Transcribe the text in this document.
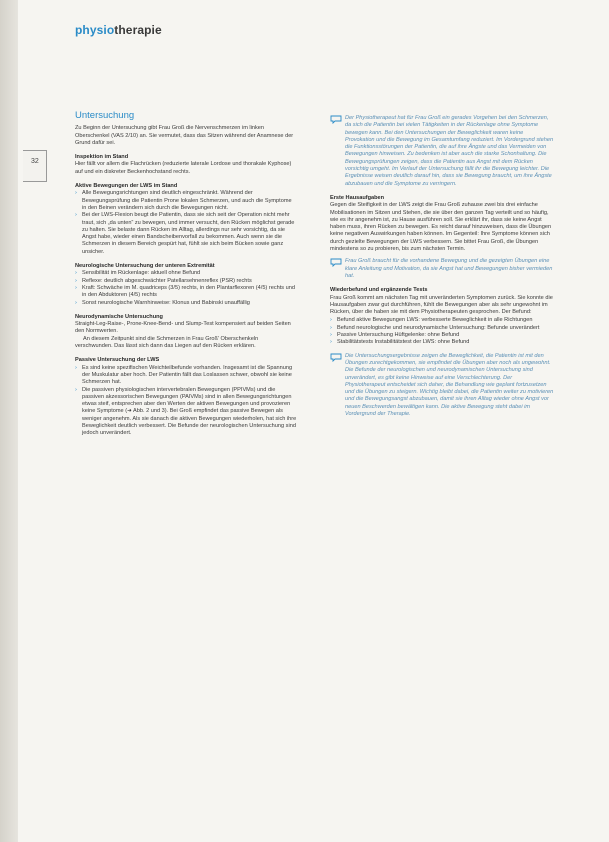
physiotherapie
32
Untersuchung
Zu Beginn der Untersuchung gibt Frau Groß die Nervenschmerzen im linken Oberschenkel (VAS 2/10) an. Sie vermutet, dass das Sitzen während der Anamnese der Grund dafür sei.
Inspektion im Stand
Hier fällt vor allem die Flachrücken (reduzierte laterale Lordose und thorakale Kyphose) auf und ein diskreter Beckenhochstand rechts.
Aktive Bewegungen der LWS im Stand
› Alle Bewegungsrichtungen sind deutlich eingeschränkt. Während der Bewegungsprüfung die Patientin Prone lokalen Schmerzen, und auch die Symptome in den Beinen verändern sich durch die Bewegungen nicht.
› Bei der LWS-Flexion beugt die Patientin, dass sie sich seit der Operation nicht mehr traut, sich „da unten“ zu bewegen, und immer versucht, den Rücken möglichst gerade zu halten. Sie belaste dann Rücken im Alltag, allerdings nur sehr vorsichtig, da sie Angst habe, wieder einen Bandscheibenvorfall zu bekommen. Auch wenn sie die Schmerzen in diesem Bereich gespürt hat, fühlt sie sich beim Bücken sowie ganz unsicher.
Neurologische Untersuchung der unteren Extremität
› Sensibilität im Rückenlage: aktuell ohne Befund
› Reflexe: deutlich abgeschwächter Patellarsehnenreflex (PSR) rechts
› Kraft: Schwäche im M. quadriceps (3/5) rechts, in den Plantarflexoren (4/5) rechts und in den Abduktoren (4/5) rechts
› Sonst neurologische Warnhinweise: Klonus und Babinski unauffällig
Neurodynamische Untersuchung
Straight-Leg-Raise-, Prone-Knee-Bend- und Slump-Test kompensiert auf beiden Seiten den Normwerten.
An diesem Zeitpunkt sind die Schmerzen in Frau Groß' Oberschenkeln verschwunden. Das lässt sich dann das Liegen auf den Rücken erklären.
Passive Untersuchung der LWS
› Es sind keine spezifischen Weichteilbefunde vorhanden. Insgesamt ist die Spannung der Muskulatur aber hoch. Der Patientin fällt das Loslassen schwer, obwohl sie keine Schmerzen hat.
› Die passiven physiologischen intervertebralen Bewegungen (PPIVMs) und die passiven akzessorischen Bewegungen (PAIVMs) sind in allen Bewegungsrichtungen etwas steif, entsprechen aber den Werten der aktiven Bewegungen und provozieren keine Symptome (➜ Abb. 2 und 3). Bei Groß empfindet das passive Bewegen als weniger angenehm. Als sie danach die aktiven Bewegungen wiederholen, hat sich ihre Beweglichkeit deutlich verbessert. Die Befunde der neurologischen Untersuchung sind jedoch unverändert.
Der Physiotherapeut hat für Frau Groß ein gerades Vorgehen bei den Schmerzen, da sich die Patientin bei vielen Tätigkeiten in der Rückenlage ohne Symptome bewegen kann. Bei den Untersuchungen der Beweglichkeit waren keine Provokation und die Bewegung im Gesamtumfang reduziert. Im Vordergrund stehen die Funktionsstörungen der Patientin, die auf ihre Ängste und das Vermeiden von Bewegungen hinweisen. Zu bedenken ist aber auch die starke Schonhaltung. Die Bewegungsprüfungen zeigen, dass die Patientin aus Angst mit dem Rücken vorsichtig umgeht. Im Verlauf der Untersuchung fällt ihr die Bewegung leichter. Die Ergebnisse weisen deutlich darauf hin, dass sie Bewegung braucht, um ihre Ängste abzubauen und die Symptome zu verringern.
Erste Hausaufgaben
Gegen die Steifigkeit in der LWS zeigt die Frau Groß zuhause zwei bis drei einfache Mobilisationen im Sitzen und Stehen, die sie über den ganzen Tag verteilt und so häufig, wie es ihr angenehm ist, zu Hause ausführen soll. Sie erklärt ihr, dass sie keine Angst haben muss, ihren Rücken zu bewegen. Es reicht darauf hinzuweisen, dass die Übungen keine negativen Auswirkungen haben können. Im Gegenteil: Ihre Symptome können sich durch gezielte Bewegungen der LWS verbessern. Sie bittet Frau Groß, die Übungen mindestens so zu probieren, bis zum nächsten Termin.
Frau Groß braucht für die vorhandene Bewegung und die gezeigten Übungen eine klare Anleitung und Motivation, da sie Angst hat und Bewegungen bisher vermieden hat.
Wiederbefund und ergänzende Tests
Frau Groß kommt am nächsten Tag mit unveränderten Symptomen zurück. Sie konnte die Hausaufgaben zwar gut durchführen, fühlt die Bewegungen aber als sehr ungewohnt im Rücken, über die haben sie mit dem Physiotherapeuten gesprochen. Der Befund:
› Befund aktive Bewegungen LWS: verbesserte Beweglichkeit in alle Richtungen
› Befund neurologische und neurodynamische Untersuchung: Befunde unverändert
› Passive Untersuchung Hüftgelenke: ohne Befund
› Stabilitätstests Instabilitätstest der LWS: ohne Befund
Die Untersuchungsergebnisse zeigen die Beweglichkeit, die Patientin ist mit den Übungen zurechtgekommen, sie empfindet die Übungen aber noch als ungewohnt. Die Befunde der neurologischen und neurodynamischen Untersuchung sind unverändert, es gibt keine Hinweise auf eine Verschlechterung. Der Physiotherapeut entscheidet sich daher, die Behandlung wie geplant fortzusetzen und die Übungen zu steigern. Wichtig bleibt dabei, die Patientin weiter zu motivieren und die Bewegungsangst abzubauen, damit sie ihren Alltag wieder ohne Angst vor neuen Beschwerden bewältigen kann. Die aktive Bewegung steht dabei im Vordergrund der Therapie.
